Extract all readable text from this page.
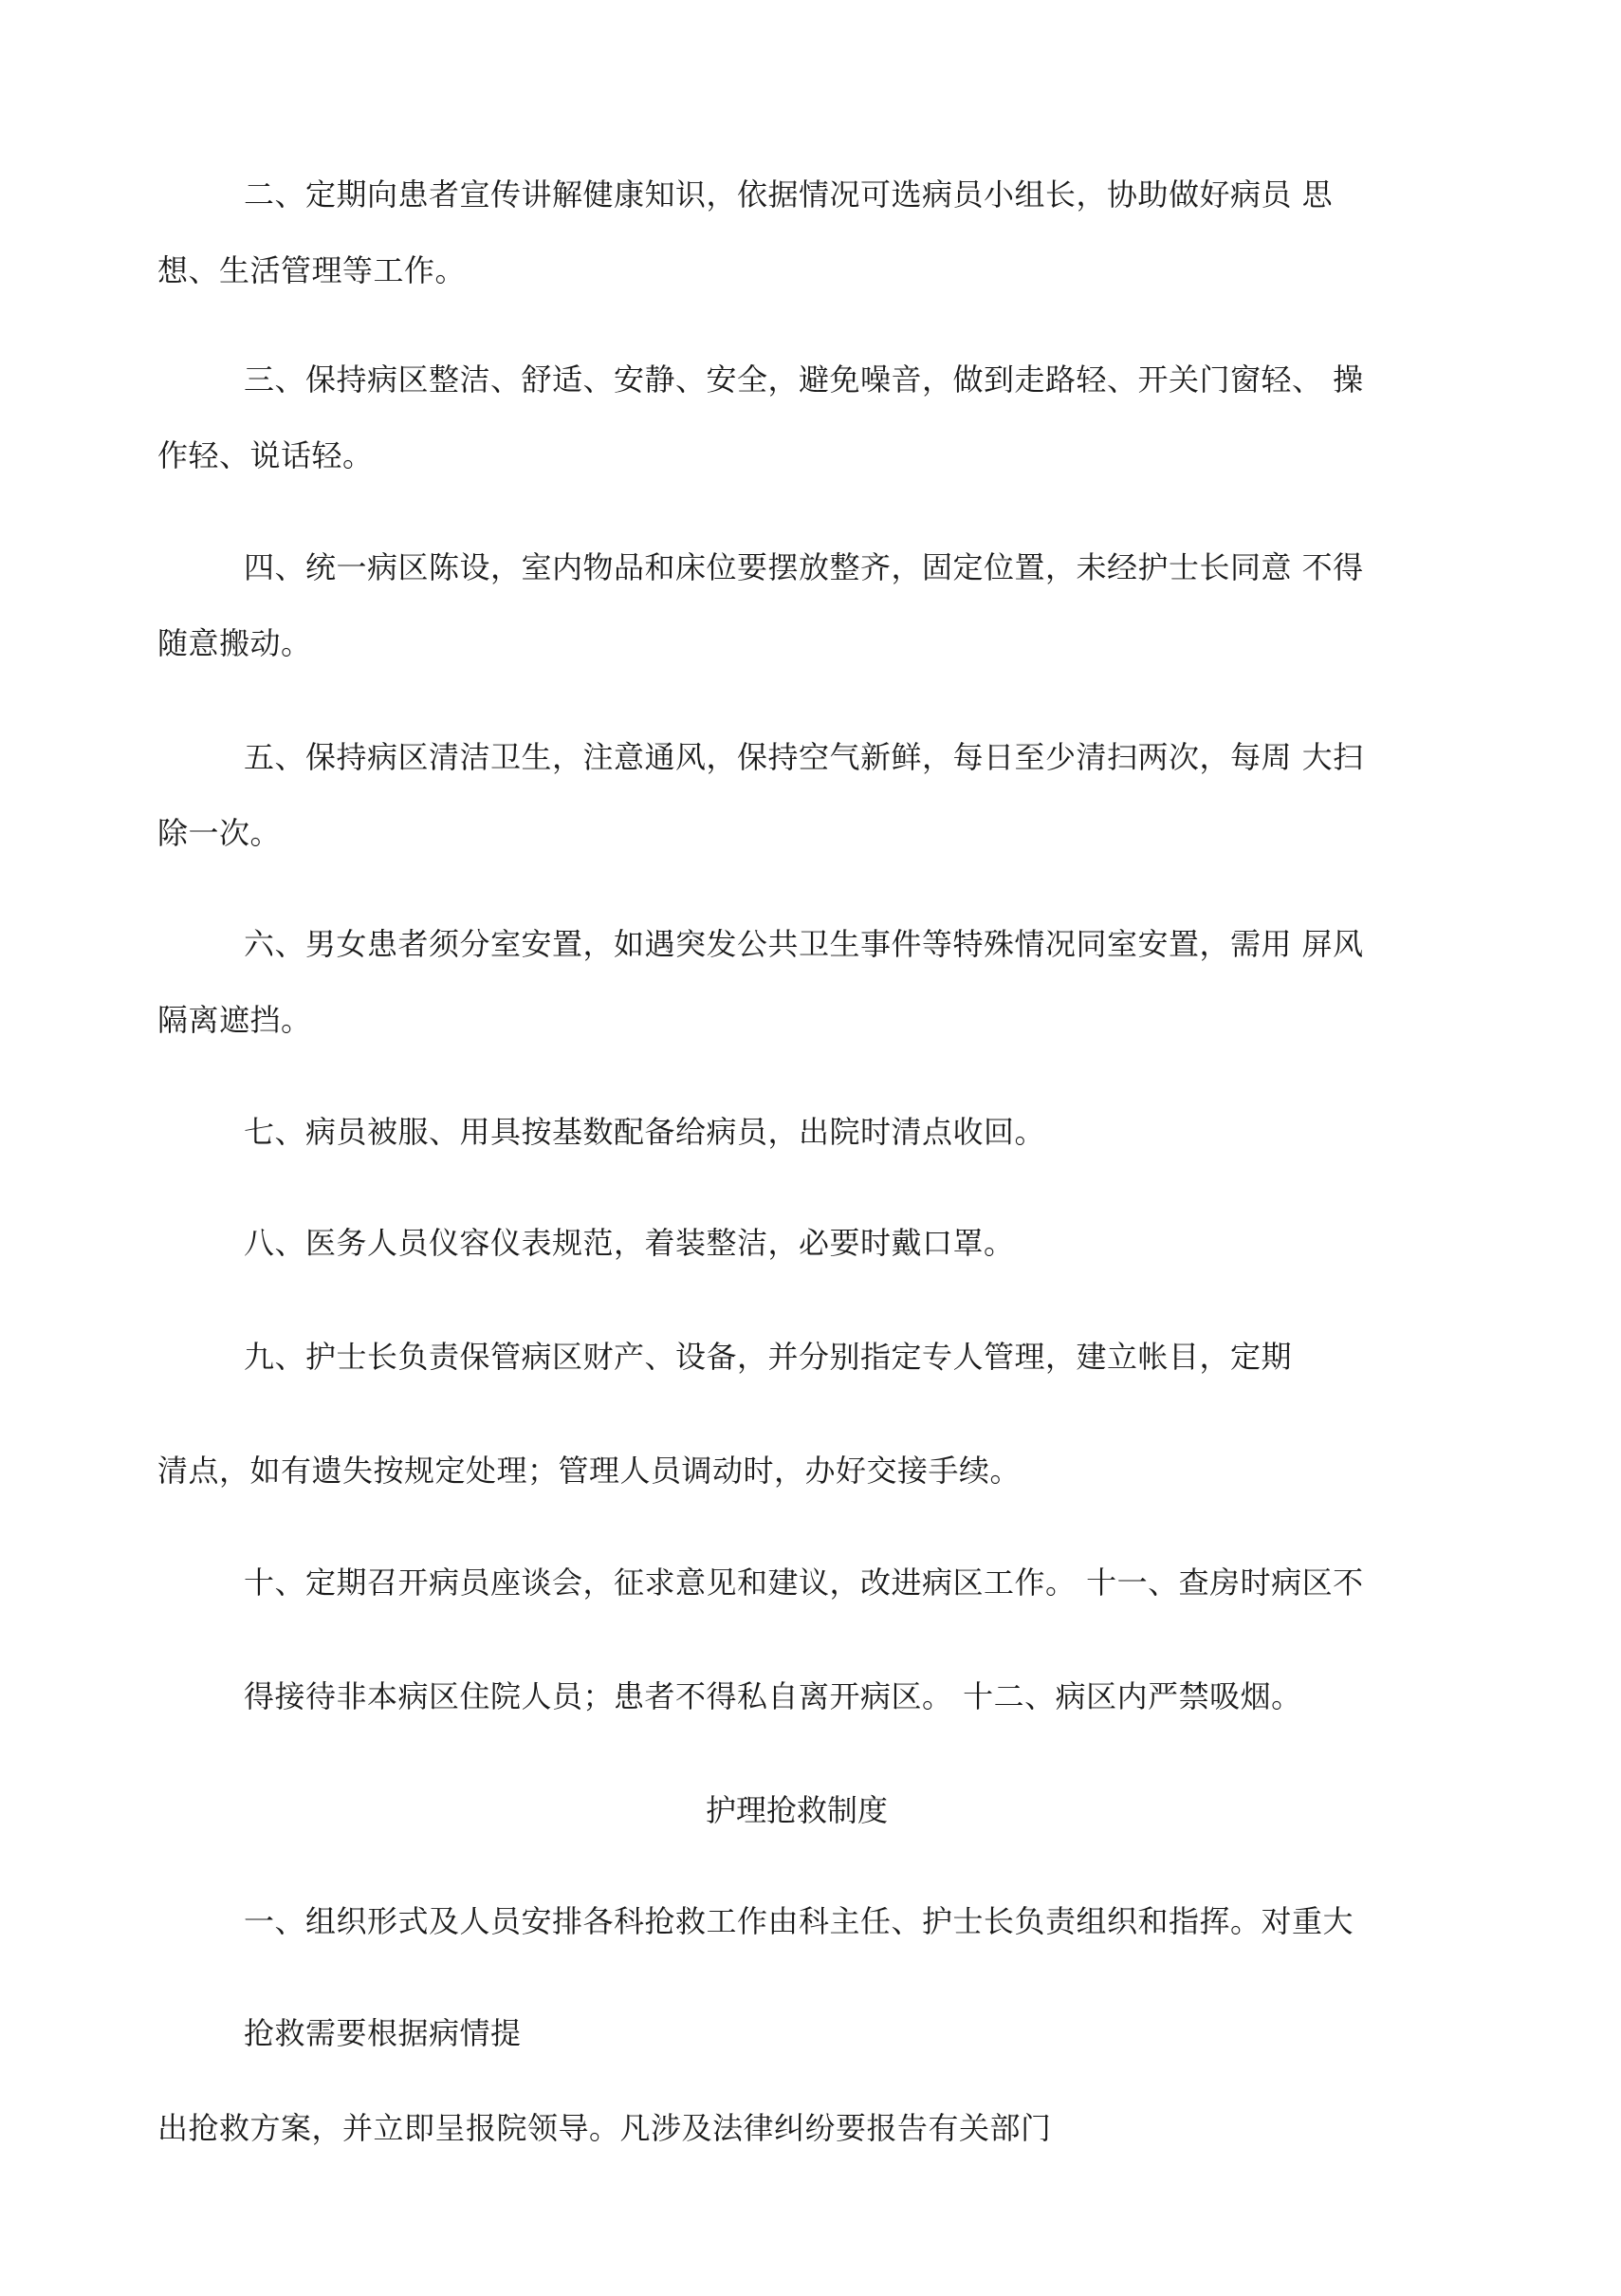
二、定期向患者宣传讲解健康知识，依据情况可选病员小组长，协助做好病员 思
想、生活管理等工作。
三、保持病区整洁、舒适、安静、安全，避免噪音，做到走路轻、开关门窗轻、 操
作轻、说话轻。
四、统一病区陈设，室内物品和床位要摆放整齐，固定位置，未经护士长同意 不得
随意搬动。
五、保持病区清洁卫生，注意通风，保持空气新鲜，每日至少清扫两次，每周 大扫
除一次。
六、男女患者须分室安置，如遇突发公共卫生事件等特殊情况同室安置，需用 屏风
隔离遮挡。
七、病员被服、用具按基数配备给病员，出院时清点收回。
八、医务人员仪容仪表规范，着装整洁，必要时戴口罩。
九、护士长负责保管病区财产、设备，并分别指定专人管理，建立帐目，定期
清点，如有遗失按规定处理；管理人员调动时，办好交接手续。
十、定期召开病员座谈会，征求意见和建议，改进病区工作。 十一、查房时病区不
得接待非本病区住院人员；患者不得私自离开病区。 十二、病区内严禁吸烟。
护理抢救制度
一、组织形式及人员安排各科抢救工作由科主任、护士长负责组织和指挥。对重大
抢救需要根据病情提
出抢救方案，并立即呈报院领导。凡涉及法律纠纷要报告有关部门
